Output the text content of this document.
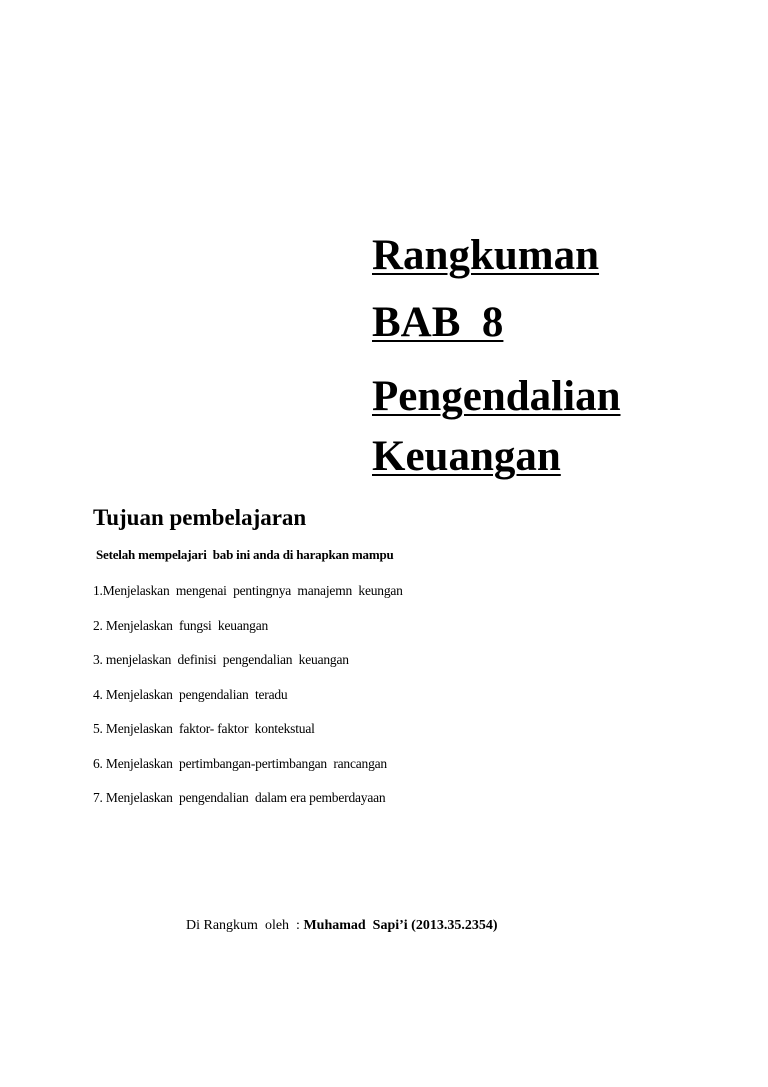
Rangkuman
BAB  8
Pengendalian
Keuangan
Tujuan pembelajaran
Setelah mempelajari  bab ini anda di harapkan mampu
1.Menjelaskan  mengenai  pentingnya  manajemn  keungan
2. Menjelaskan  fungsi  keuangan
3. menjelaskan  definisi  pengendalian  keuangan
4. Menjelaskan  pengendalian  teradu
5. Menjelaskan  faktor- faktor  kontekstual
6. Menjelaskan  pertimbangan-pertimbangan  rancangan
7. Menjelaskan  pengendalian  dalam era pemberdayaan
Di Rangkum  oleh  : Muhamad  Sapi’i (2013.35.2354)
